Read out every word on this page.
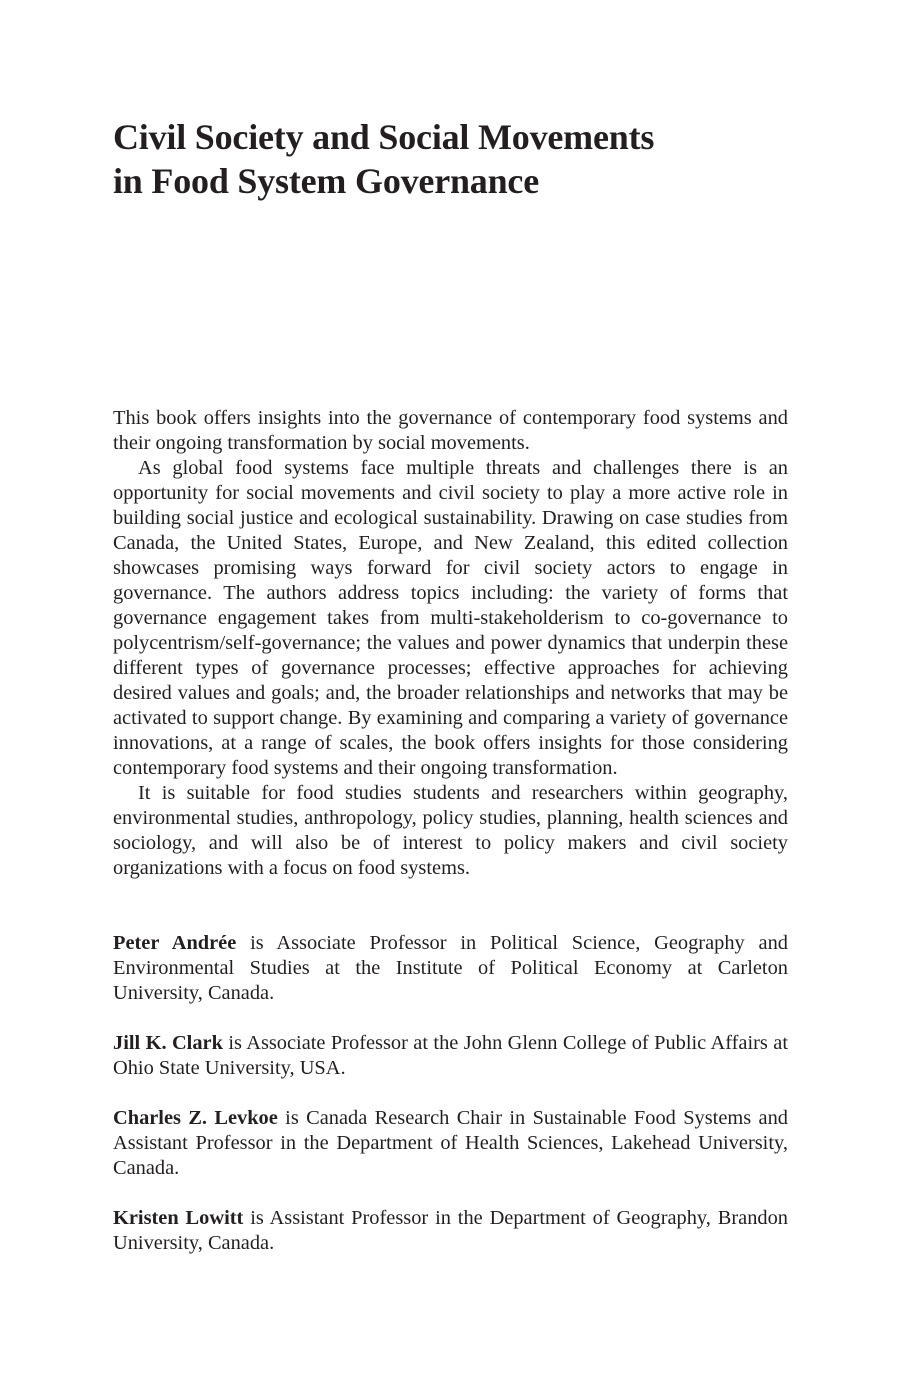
Civil Society and Social Movements
in Food System Governance

This book offers insights into the governance of contemporary food systems and their ongoing transformation by social movements.

As global food systems face multiple threats and challenges there is an opportunity for social movements and civil society to play a more active role in building social justice and ecological sustainability. Drawing on case studies from Canada, the United States, Europe, and New Zealand, this edited collection showcases promising ways forward for civil society actors to engage in governance. The authors address topics including: the variety of forms that governance engagement takes from multi-stakeholderism to co-governance to polycentrism/self-governance; the values and power dynamics that underpin these different types of governance processes; effective approaches for achieving desired values and goals; and, the broader relationships and networks that may be activated to support change. By examining and comparing a variety of governance innovations, at a range of scales, the book offers insights for those considering contemporary food systems and their ongoing transformation.

It is suitable for food studies students and researchers within geography, environmental studies, anthropology, policy studies, planning, health sciences and sociology, and will also be of interest to policy makers and civil society organizations with a focus on food systems.

Peter Andrée is Associate Professor in Political Science, Geography and Environmental Studies at the Institute of Political Economy at Carleton University, Canada.

Jill K. Clark is Associate Professor at the John Glenn College of Public Affairs at Ohio State University, USA.

Charles Z. Levkoe is Canada Research Chair in Sustainable Food Systems and Assistant Professor in the Department of Health Sciences, Lakehead University, Canada.

Kristen Lowitt is Assistant Professor in the Department of Geography, Brandon University, Canada.
